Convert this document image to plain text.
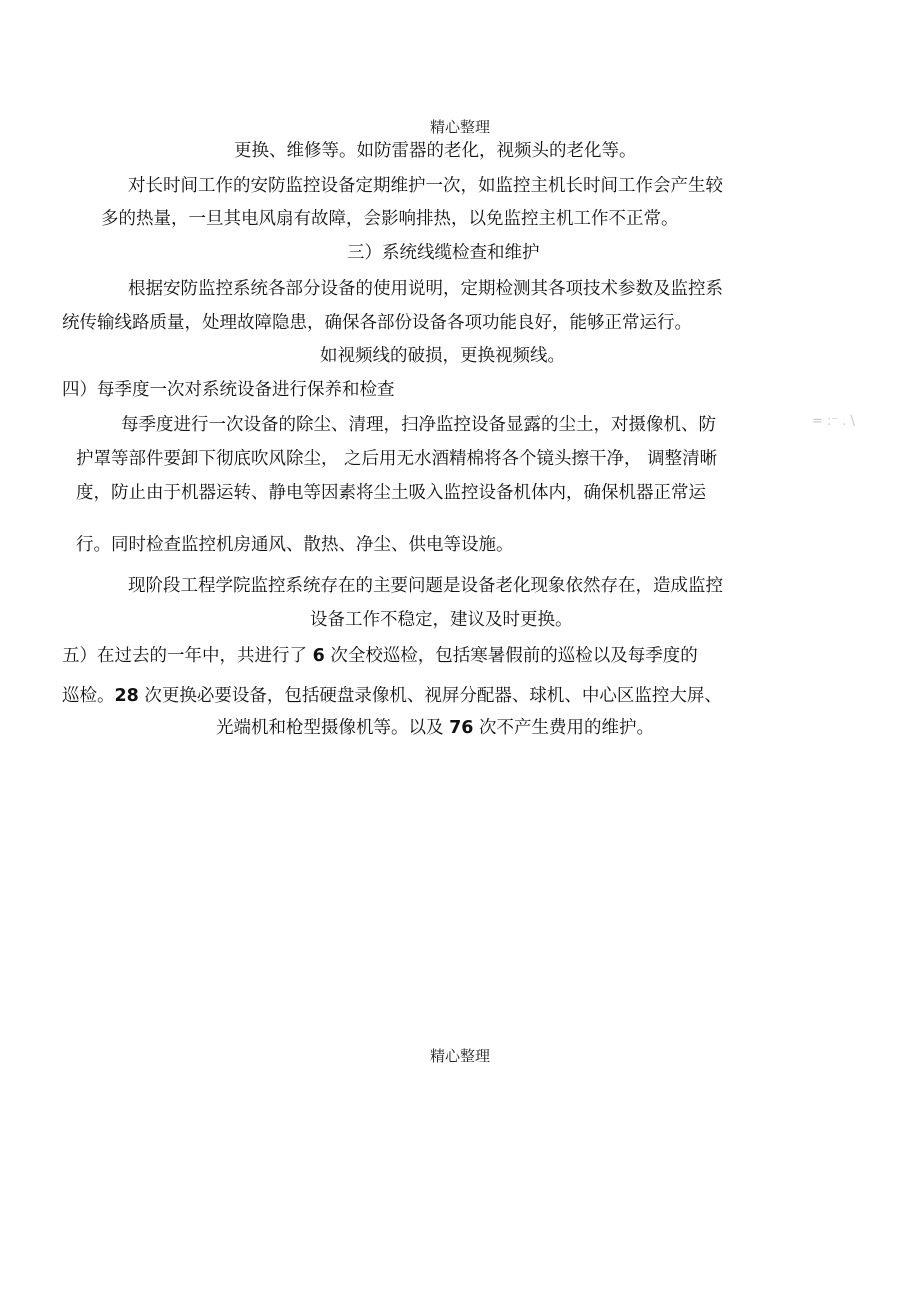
精心整理
更换、维修等。如防雷器的老化，视频头的老化等。
对长时间工作的安防监控设备定期维护一次，如监控主机长时间工作会产生较
多的热量，一旦其电风扇有故障，会影响排热，以免监控主机工作不正常。
三）系统线缆检查和维护
根据安防监控系统各部分设备的使用说明，定期检测其各项技术参数及监控系
统传输线路质量，处理故障隐患，确保各部份设备各项功能良好，能够正常运行。
如视频线的破损，更换视频线。
四）每季度一次对系统设备进行保养和检查
每季度进行一次设备的除尘、清理，扫净监控设备显露的尘土，对摄像机、防	= :⁻ . \
护罩等部件要卸下彻底吹风除尘， 之后用无水酒精棉将各个镜头擦干净， 调整清晰
度，防止由于机器运转、静电等因素将尘土吸入监控设备机体内，确保机器正常运
行。同时检查监控机房通风、散热、净尘、供电等设施。
现阶段工程学院监控系统存在的主要问题是设备老化现象依然存在，造成监控
设备工作不稳定，建议及时更换。
五）在过去的一年中，共进行了 6 次全校巡检，包括寒暑假前的巡检以及每季度的
巡检。28 次更换必要设备，包括硬盘录像机、视屏分配器、球机、中心区监控大屏、
光端机和枪型摄像机等。以及 76 次不产生费用的维护。
精心整理
